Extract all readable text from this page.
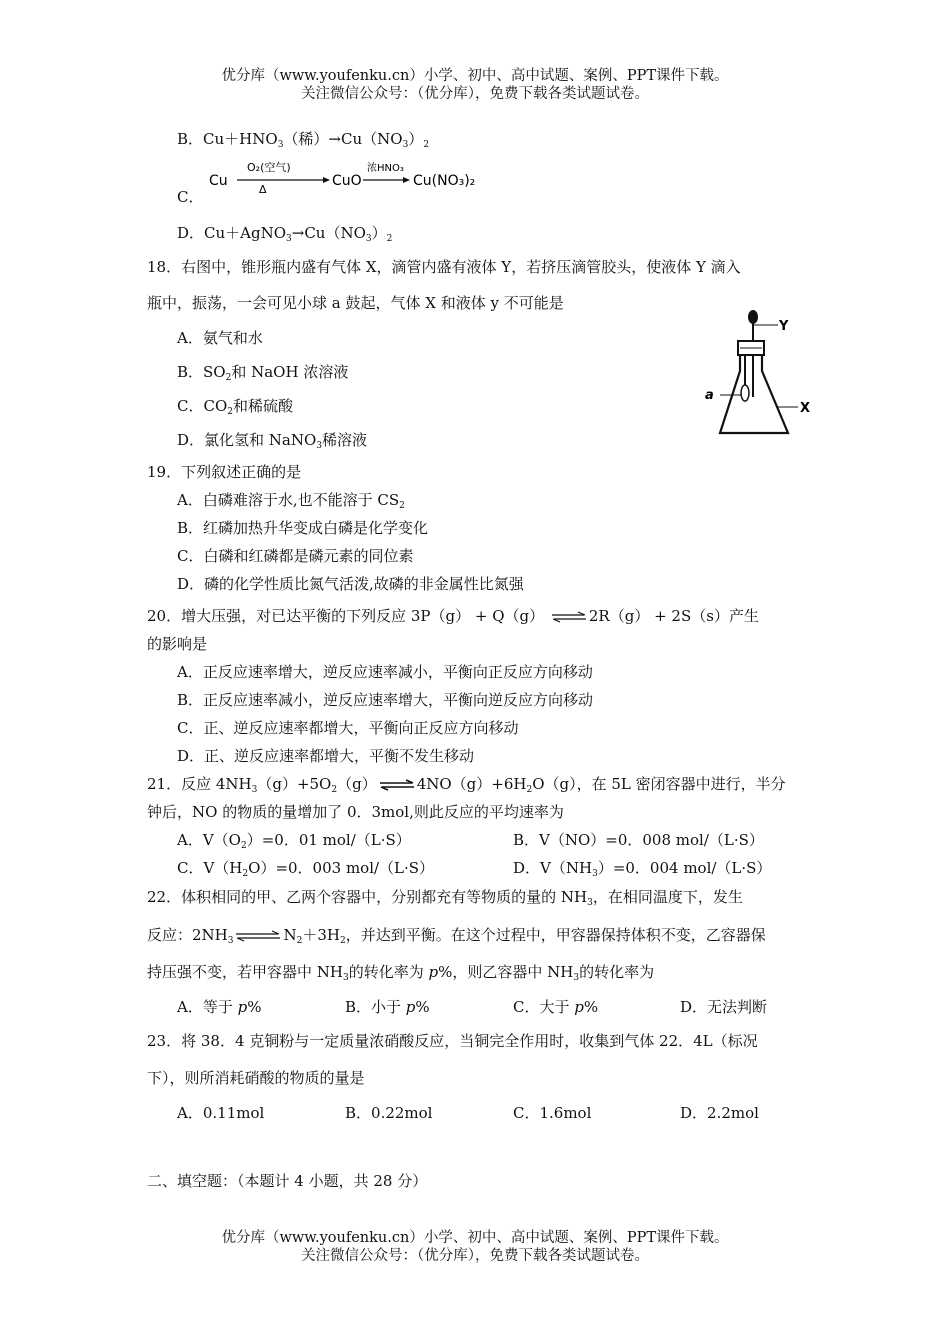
优分库（www.youfenku.cn）小学、初中、高中试题、案例、PPT课件下载。
关注微信公众号：（优分库），免费下载各类试题试卷。
B．$Cu+HNO_3$（稀）$\to Cu(NO_3)_2$
C．
Cu
O₂(空气)
Δ
CuO
浓HNO₃
Cu(NO₃)₂
D．$Cu+AgNO_3\to Cu(NO_3)_2$
18．右图中，锥形瓶内盛有气体 X，滴管内盛有液体 Y，若挤压滴管胶头，使液体 Y 滴入
瓶中，振荡，一会可见小球 a 鼓起，气体 X 和液体 y 不可能是
A．氨气和水
B．$SO_2$和 NaOH 浓溶液
C．$CO_2$和稀硫酸
D．氯化氢和 NaNO$_3$稀溶液
Y
a
X
19．下列叙述正确的是
A．白磷难溶于水,也不能溶于 $CS_2$
B．红磷加热升华变成白磷是化学变化
C．白磷和红磷都是磷元素的同位素
D．磷的化学性质比氮气活泼,故磷的非金属性比氮强
20．增大压强，对已达平衡的下列反应 3P（g） + Q（g） ⇌ 2R（g） + 2S（s）产生
的影响是
A．正反应速率增大，逆反应速率减小，平衡向正反应方向移动
B．正反应速率减小，逆反应速率增大，平衡向逆反应方向移动
C．正、逆反应速率都增大，平衡向正反应方向移动
D．正、逆反应速率都增大，平衡不发生移动
21．反应 $4NH_3(g)+5O_2(g)$ ⇌ $4NO(g)+6H_2O(g)$，在 5L 密闭容器中进行，半分
钟后，NO 的物质的量增加了 0．3mol,则此反应的平均速率为
A．$V(O_2)=0$．01 mol/（L·S）	B．V（NO）=0．008 mol/（L·S）
C．$V(H_2O)=0$．003 mol/（L·S）	D．$V(NH_3)=0$．004 mol/（L·S）
22．体积相同的甲、乙两个容器中，分别都充有等物质的量的 $NH_3$，在相同温度下，发生
反应：$2NH_3$ ⇌ $N_2+3H_2$，并达到平衡。在这个过程中，甲容器保持体积不变，乙容器保
持压强不变，若甲容器中 $NH_3$的转化率为 p%，则乙容器中 $NH_3$的转化率为
A．等于 p%	B．小于 p%	C．大于 p%	D．无法判断
23．将 38．4 克铜粉与一定质量浓硝酸反应，当铜完全作用时，收集到气体 22．4L（标况
下），则所消耗硝酸的物质的量是
A．0.11mol	B．0.22mol	C．1.6mol	D．2.2mol
二、填空题：（本题计 4 小题，共 28 分）
优分库（www.youfenku.cn）小学、初中、高中试题、案例、PPT课件下载。
关注微信公众号：（优分库），免费下载各类试题试卷。
